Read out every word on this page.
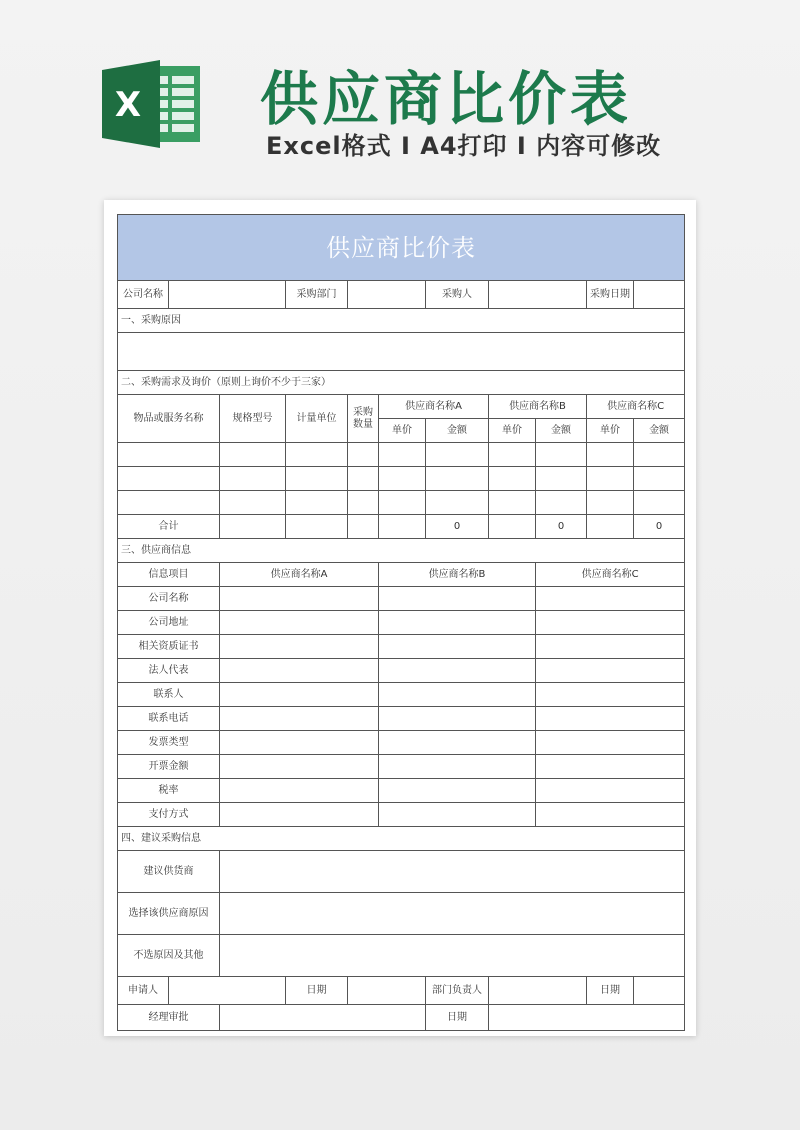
X 供应商比价表
Excel格式 I A4打印 I 内容可修改
供应商比价表										
公司名称			采购部门			采购人			采购日期	
一、采购原因										

二、采购需求及询价（原则上询价不少于三家）										
物品或服务名称		规格型号	计量单位	采购数量	供应商名称A		供应商名称B		供应商名称C	
					单价	金额	单价	金额	单价	金额

合计						0		0		0
三、供应商信息										
信息项目		供应商名称A			供应商名称B			供应商名称C		
公司名称										
公司地址										
相关资质证书										
法人代表										
联系人										
联系电话										
发票类型										
开票金额										
税率										
支付方式										
四、建议采购信息										
建议供货商										
选择该供应商原因										
不选原因及其他										
申请人			日期			部门负责人			日期	
经理审批						日期				
